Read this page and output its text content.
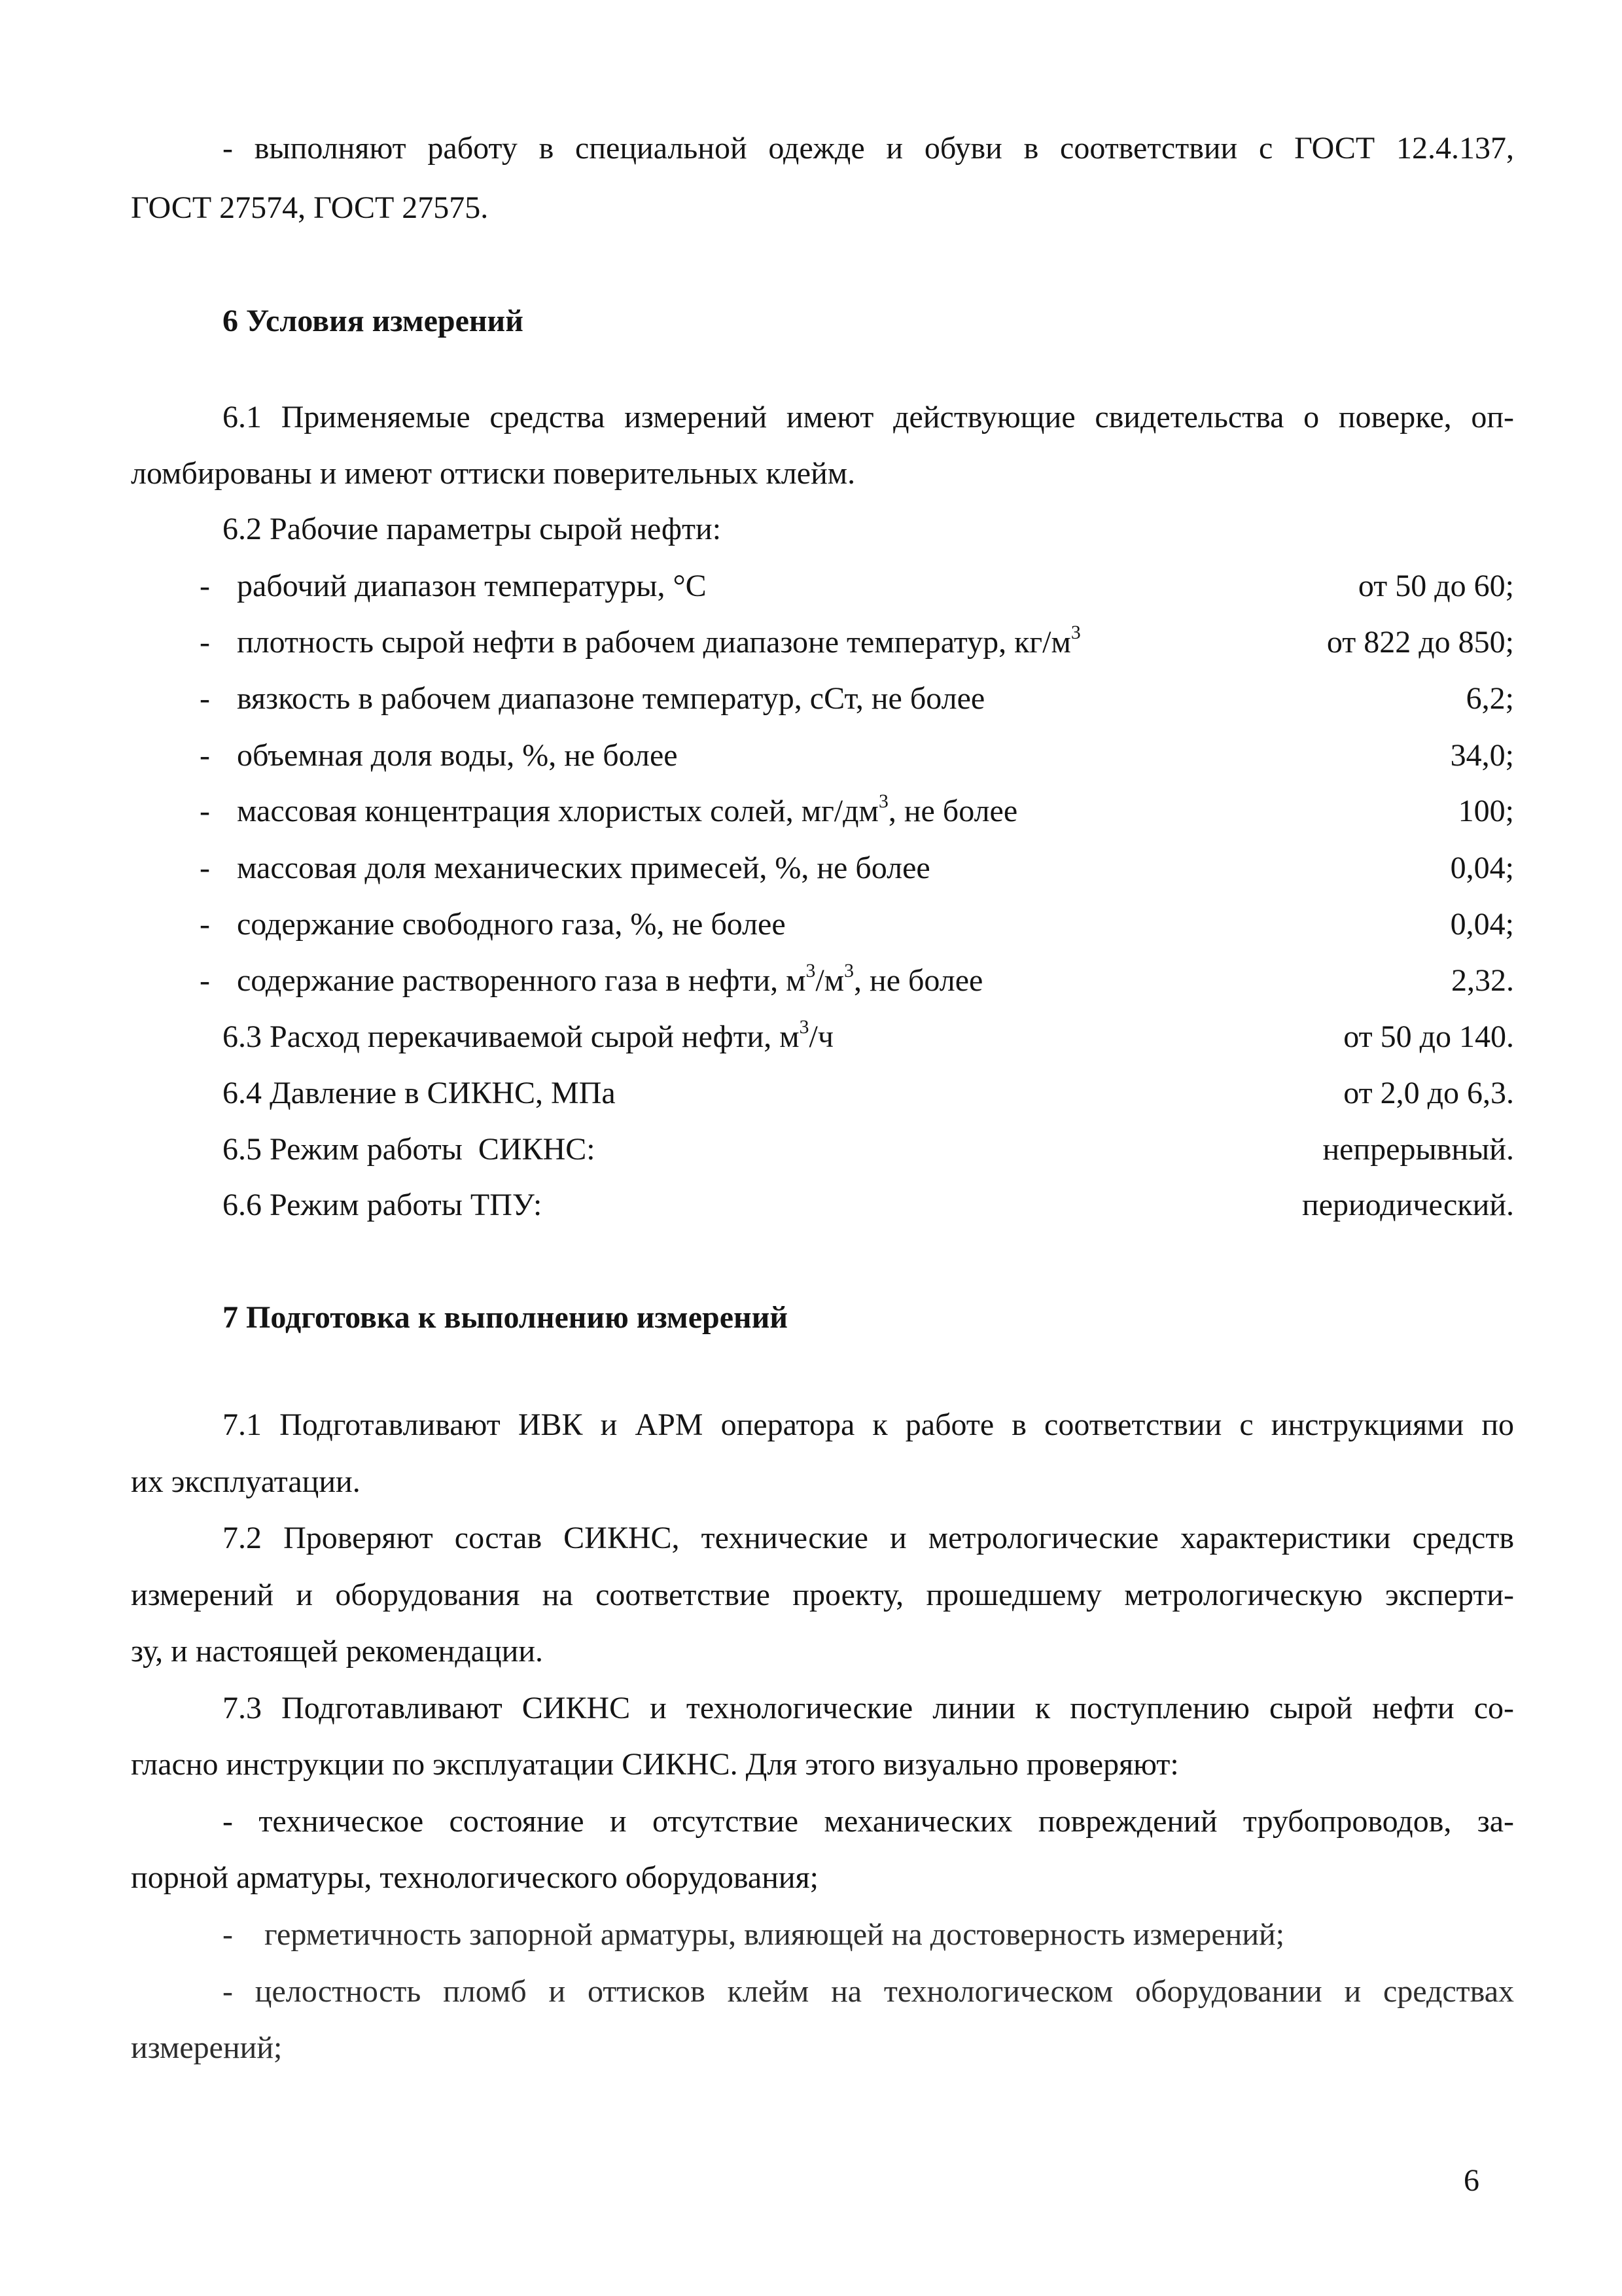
- выполняют работу в специальной одежде и обуви в соответствии с ГОСТ 12.4.137,
ГОСТ 27574, ГОСТ 27575.
6 Условия измерений
6.1 Применяемые средства измерений имеют действующие свидетельства о поверке, оп-
ломбированы и имеют оттиски поверительных клейм.
6.2 Рабочие параметры сырой нефти:
- рабочий диапазон температуры, °С	от 50 до 60;
- плотность сырой нефти в рабочем диапазоне температур, $кг/м^3$	от 822 до 850;
- вязкость в рабочем диапазоне температур, сСт, не более	6,2;
- объемная доля воды, %, не более	34,0;
- массовая концентрация хлористых солей, $мг/дм^3$, не более	100;
- массовая доля механических примесей, %, не более	0,04;
- содержание свободного газа, %, не более	0,04;
- содержание растворенного газа в нефти, $м^3/м^3$, не более	2,32.
6.3 Расход перекачиваемой сырой нефти, $м^3/ч$	от 50 до 140.
6.4 Давление в СИКНС, МПа	от 2,0 до 6,3.
6.5 Режим работы  СИКНС:	непрерывный.
6.6 Режим работы ТПУ:	периодический.
7 Подготовка к выполнению измерений
7.1 Подготавливают ИВК и АРМ оператора к работе в соответствии с инструкциями по
их эксплуатации.
7.2 Проверяют состав СИКНС, технические и метрологические характеристики средств
измерений и оборудования на соответствие проекту, прошедшему метрологическую эксперти-
зу, и настоящей рекомендации.
7.3 Подготавливают СИКНС и технологические линии к поступлению сырой нефти со-
гласно инструкции по эксплуатации СИКНС. Для этого визуально проверяют:
- техническое состояние и отсутствие механических повреждений трубопроводов, за-
порной арматуры, технологического оборудования;
-    герметичность запорной арматуры, влияющей на достоверность измерений;
- целостность пломб и оттисков клейм на технологическом оборудовании и средствах
измерений;
6
